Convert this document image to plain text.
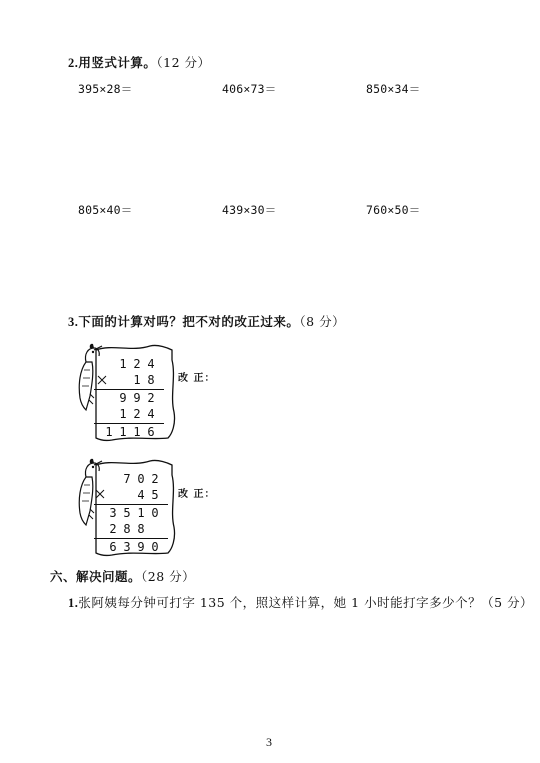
2.用竖式计算。（12 分）
395×28＝	406×73＝	850×34＝
805×40＝	439×30＝	760×50＝
3.下面的计算对吗？把不对的改正过来。（8 分）
1 2 4
1 8
9 9 2
1 2 4
1 1 1 6
改 正：
7 0 2
4 5
3 5 1 0
2 8 8
6 3 9 0
改 正：
六、解决问题。（28 分）
1.张阿姨每分钟可打字 135 个，照这样计算，她 1 小时能打字多少个？（5 分）
3
